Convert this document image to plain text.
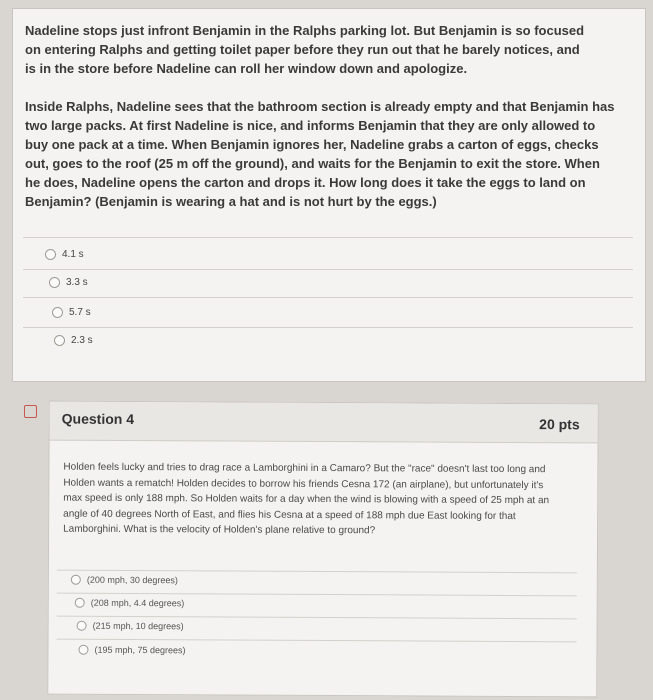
Nadeline stops just infront Benjamin in the Ralphs parking lot. But Benjamin is so focused on entering Ralphs and getting toilet paper before they run out that he barely notices, and is in the store before Nadeline can roll her window down and apologize.
Inside Ralphs, Nadeline sees that the bathroom section is already empty and that Benjamin has two large packs. At first Nadeline is nice, and informs Benjamin that they are only allowed to buy one pack at a time. When Benjamin ignores her, Nadeline grabs a carton of eggs, checks out, goes to the roof (25 m off the ground), and waits for the Benjamin to exit the store. When he does, Nadeline opens the carton and drops it. How long does it take the eggs to land on Benjamin? (Benjamin is wearing a hat and is not hurt by the eggs.)
4.1 s
3.3 s
5.7 s
2.3 s
Question 4	20 pts
Holden feels lucky and tries to drag race a Lamborghini in a Camaro? But the "race" doesn't last too long and Holden wants a rematch! Holden decides to borrow his friends Cesna 172 (an airplane), but unfortunately it's max speed is only 188 mph. So Holden waits for a day when the wind is blowing with a speed of 25 mph at an angle of 40 degrees North of East, and flies his Cesna at a speed of 188 mph due East looking for that Lamborghini. What is the velocity of Holden's plane relative to ground?
(200 mph, 30 degrees)
(208 mph, 4.4 degrees)
(215 mph, 10 degrees)
(195 mph, 75 degrees)
